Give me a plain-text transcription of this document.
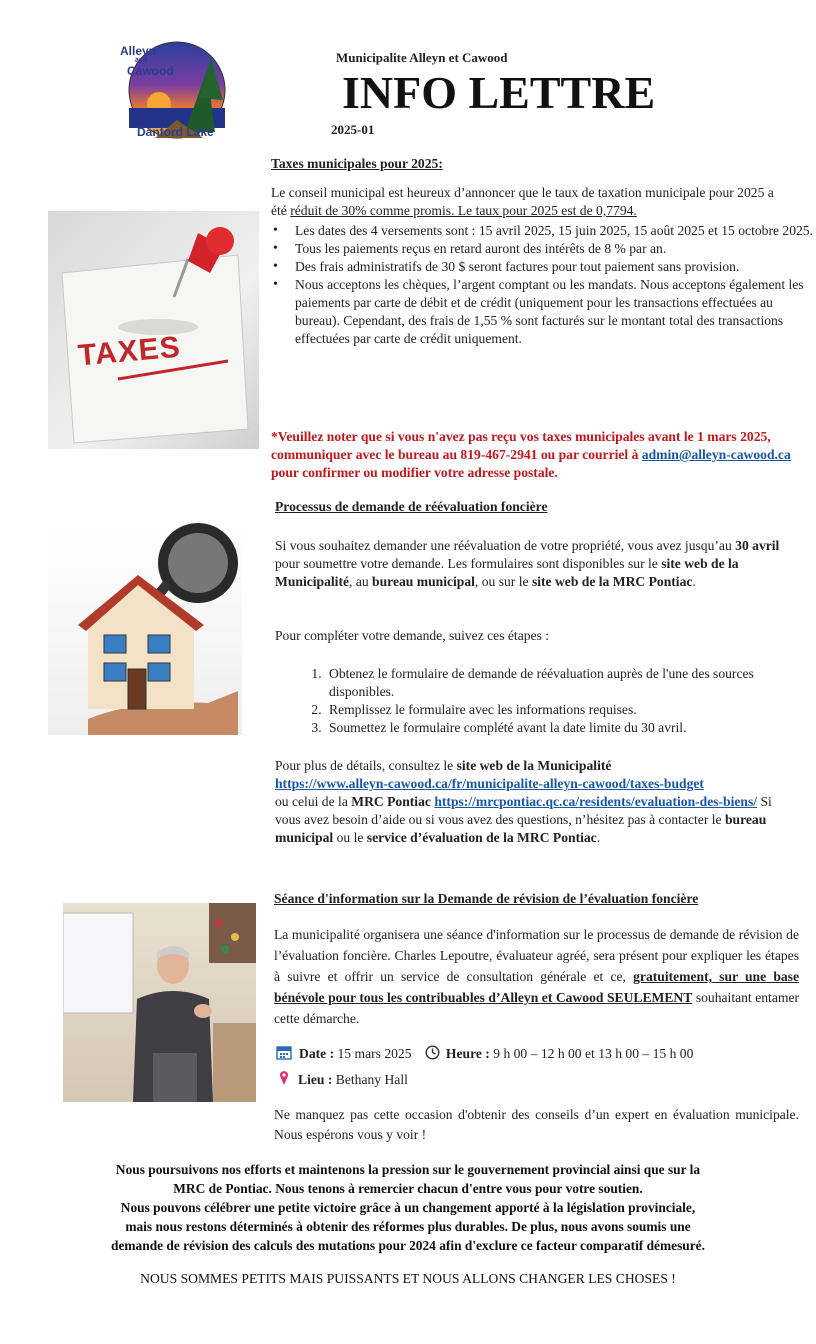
Alleyn
and
Cawood
Danford Lake
Municipalite Alleyn et Cawood
INFO LETTRE
2025-01
TAXES
Taxes municipales pour 2025:

Le conseil municipal est heureux d’annoncer que le taux de taxation municipale pour 2025 a été réduit de 30% comme promis. Le taux pour 2025 est de 0,7794.

• Les dates des 4 versements sont : 15 avril 2025, 15 juin 2025, 15 août 2025 et 15 octobre 2025.
• Tous les paiements reçus en retard auront des intérêts de 8 % par an.
• Des frais administratifs de 30 $ seront factures pour tout paiement sans provision.
• Nous acceptons les chèques, l’argent comptant ou les mandats. Nous acceptons également les paiements par carte de débit et de crédit (uniquement pour les transactions effectuées au bureau). Cependant, des frais de 1,55 % sont facturés sur le montant total des transactions effectuées par carte de crédit uniquement.

*Veuillez noter que si vous n'avez pas reçu vos taxes municipales avant le 1 mars 2025, communiquer avec le bureau au 819-467-2941 ou par courriel à admin@alleyn-cawood.ca pour confirmer ou modifier votre adresse postale.

Processus de demande de réévaluation foncière

Si vous souhaitez demander une réévaluation de votre propriété, vous avez jusqu’au 30 avril pour soumettre votre demande. Les formulaires sont disponibles sur le site web de la Municipalité, au bureau municipal, ou sur le site web de la MRC Pontiac.

Pour compléter votre demande, suivez ces étapes :

1. Obtenez le formulaire de demande de réévaluation auprès de l'une des sources disponibles.
2. Remplissez le formulaire avec les informations requises.
3. Soumettez le formulaire complété avant la date limite du 30 avril.

Pour plus de détails, consultez le site web de la Municipalité
https://www.alleyn-cawood.ca/fr/municipalite-alleyn-cawood/taxes-budget
ou celui de la MRC Pontiac https://mrcpontiac.qc.ca/residents/evaluation-des-biens/ Si vous avez besoin d’aide ou si vous avez des questions, n’hésitez pas à contacter le bureau municipal ou le service d’évaluation de la MRC Pontiac.

Séance d'information sur la Demande de révision de l’évaluation foncière

La municipalité organisera une séance d'information sur le processus de demande de révision de l’évaluation foncière. Charles Lepoutre, évaluateur agréé, sera présent pour expliquer les étapes à suivre et offrir un service de consultation générale et ce, gratuitement, sur une base bénévole pour tous les contribuables d’Alleyn et Cawood SEULEMENT souhaitant entamer cette démarche.

Date : 15 mars 2025	Heure : 9 h 00 – 12 h 00 et 13 h 00 – 15 h 00
Lieu : Bethany Hall

Ne manquez pas cette occasion d'obtenir des conseils d’un expert en évaluation municipale. Nous espérons vous y voir !

Nous poursuivons nos efforts et maintenons la pression sur le gouvernement provincial ainsi que sur la
MRC de Pontiac. Nous tenons à remercier chacun d'entre vous pour votre soutien.
Nous pouvons célébrer une petite victoire grâce à un changement apporté à la législation provinciale,
mais nous restons déterminés à obtenir des réformes plus durables. De plus, nous avons soumis une
demande de révision des calculs des mutations pour 2024 afin d'exclure ce facteur comparatif démesuré.
NOUS SOMMES PETITS MAIS PUISSANTS ET NOUS ALLONS CHANGER LES CHOSES !
